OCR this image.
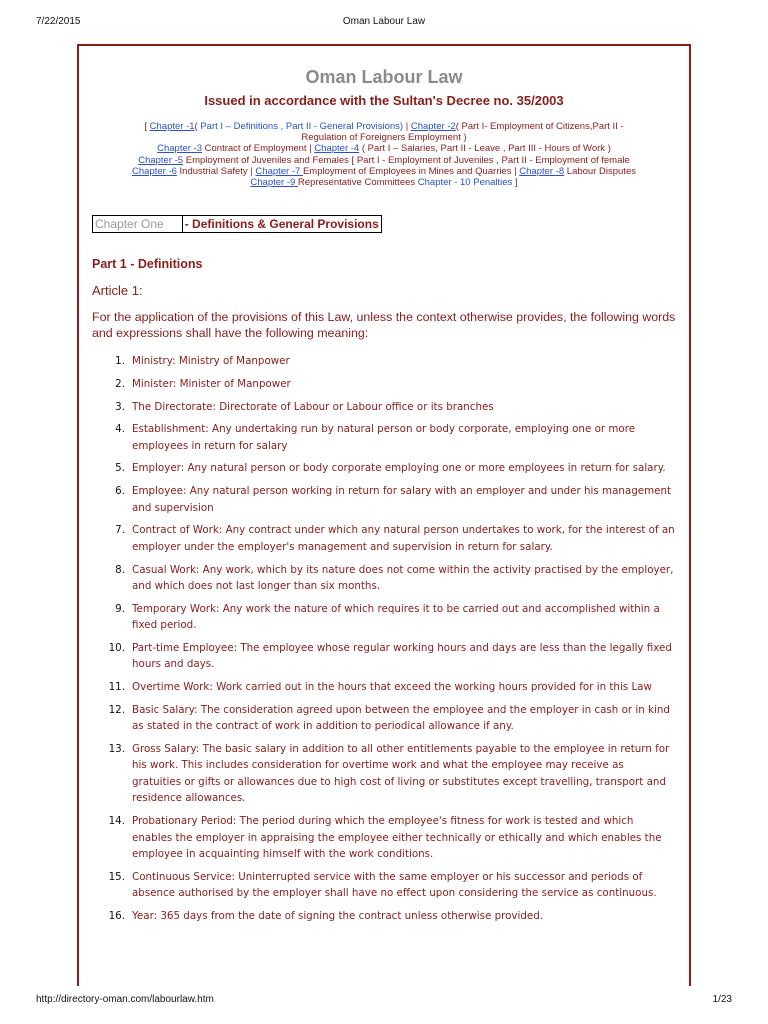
7/22/2015	Oman Labour Law
Oman Labour Law
Issued in accordance with the Sultan's Decree no. 35/2003
[ Chapter -1( Part I – Definitions , Part II - General Provisions) | Chapter -2( Part I- Employment of Citizens,Part II -
Regulation of Foreigners Employment )
Chapter -3 Contract of Employment | Chapter -4 ( Part I – Salaries, Part II - Leave , Part III - Hours of Work )
Chapter -5 Employment of Juveniles and Females [ Part I - Employment of Juveniles , Part II - Employment of female
Chapter -6 Industrial Safety | Chapter -7 Employment of Employees in Mines and Quarries | Chapter -8 Labour Disputes
Chapter -9 Representative Committees Chapter - 10 Penalties ]
Chapter One	- Definitions & General Provisions
Part 1 - Definitions
Article 1:
For the application of the provisions of this Law, unless the context otherwise provides, the following words and expressions shall have the following meaning:
1. Ministry: Ministry of Manpower
2. Minister: Minister of Manpower
3. The Directorate: Directorate of Labour or Labour office or its branches
4. Establishment: Any undertaking run by natural person or body corporate, employing one or more employees in return for salary
5. Employer: Any natural person or body corporate employing one or more employees in return for salary.
6. Employee: Any natural person working in return for salary with an employer and under his management and supervision
7. Contract of Work: Any contract under which any natural person undertakes to work, for the interest of an employer under the employer's management and supervision in return for salary.
8. Casual Work: Any work, which by its nature does not come within the activity practised by the employer, and which does not last longer than six months.
9. Temporary Work: Any work the nature of which requires it to be carried out and accomplished within a fixed period.
10. Part-time Employee: The employee whose regular working hours and days are less than the legally fixed hours and days.
11. Overtime Work: Work carried out in the hours that exceed the working hours provided for in this Law
12. Basic Salary: The consideration agreed upon between the employee and the employer in cash or in kind as stated in the contract of work in addition to periodical allowance if any.
13. Gross Salary: The basic salary in addition to all other entitlements payable to the employee in return for his work. This includes consideration for overtime work and what the employee may receive as gratuities or gifts or allowances due to high cost of living or substitutes except travelling, transport and residence allowances.
14. Probationary Period: The period during which the employee's fitness for work is tested and which enables the employer in appraising the employee either technically or ethically and which enables the employee in acquainting himself with the work conditions.
15. Continuous Service: Uninterrupted service with the same employer or his successor and periods of absence authorised by the employer shall have no effect upon considering the service as continuous.
16. Year: 365 days from the date of signing the contract unless otherwise provided.
http://directory-oman.com/labourlaw.htm	1/23
